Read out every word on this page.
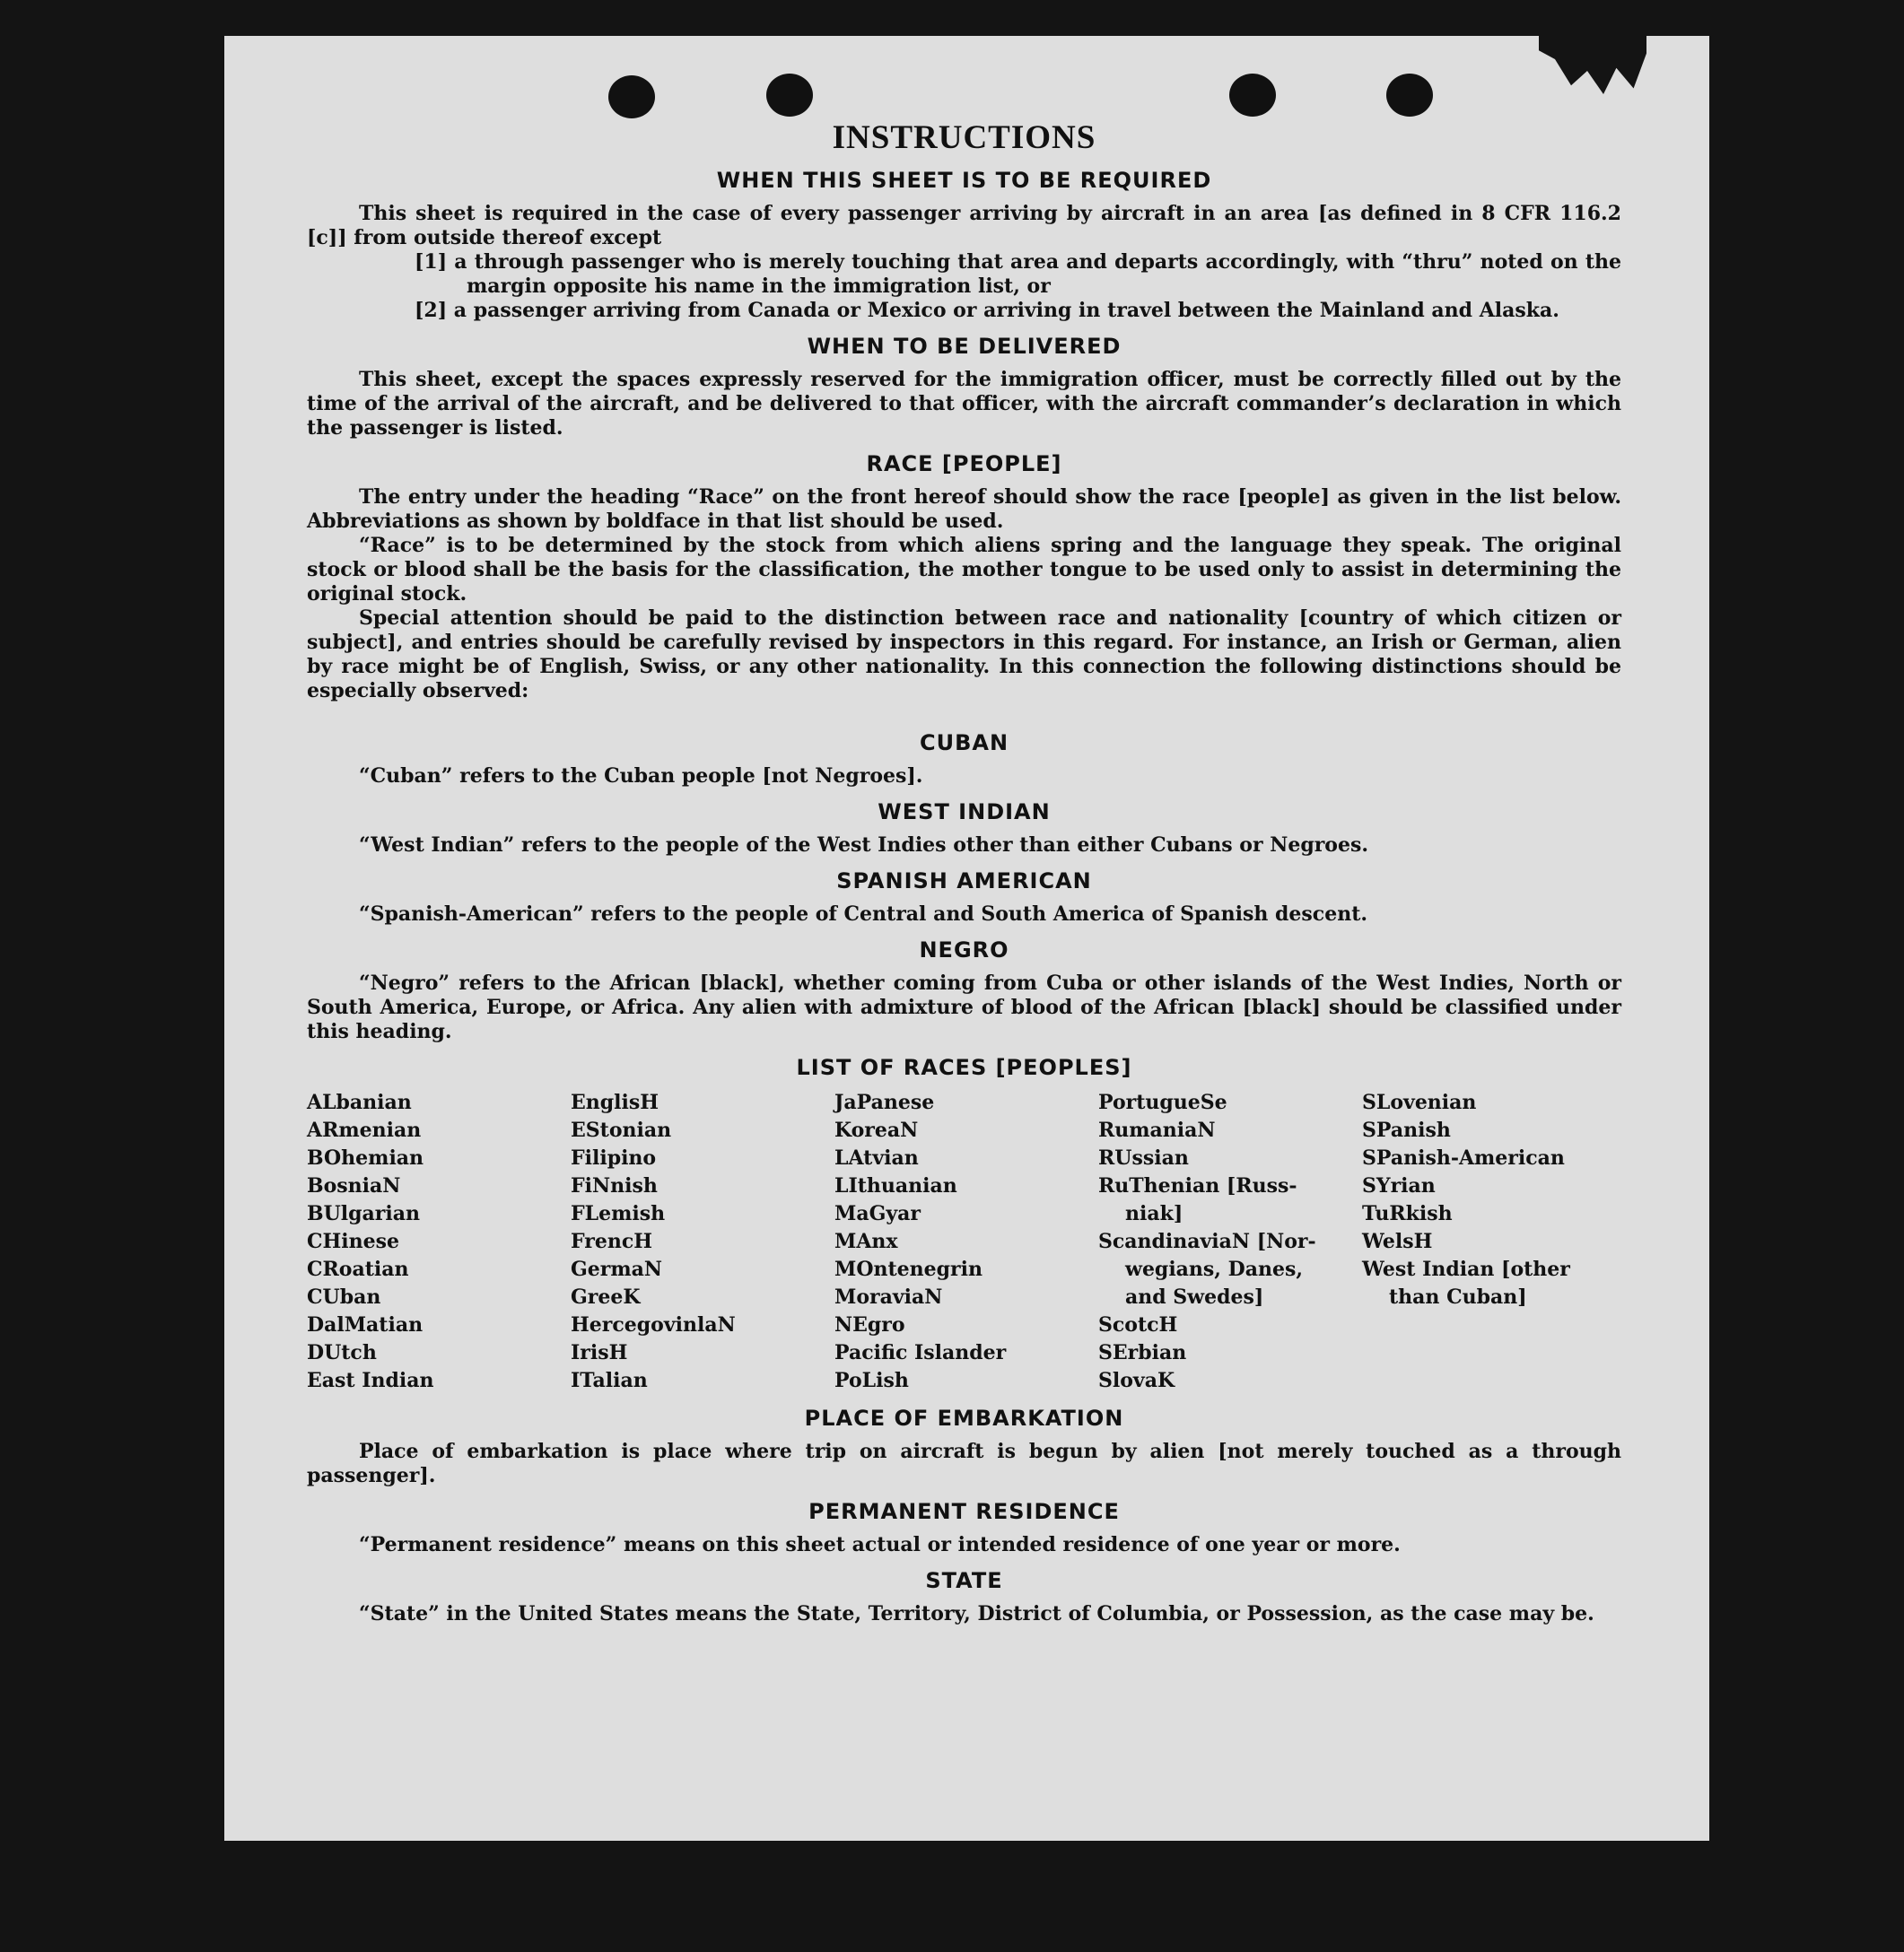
INSTRUCTIONS
WHEN THIS SHEET IS TO BE REQUIRED

This sheet is required in the case of every passenger arriving by aircraft in an area [as defined in 8 CFR 116.2 [c]] from outside thereof except

[1] a through passenger who is merely touching that area and departs accordingly, with “thru” noted on the margin opposite his name in the immigration list, or

[2] a passenger arriving from Canada or Mexico or arriving in travel between the Mainland and Alaska.

WHEN TO BE DELIVERED

This sheet, except the spaces expressly reserved for the immigration officer, must be correctly filled out by the time of the arrival of the aircraft, and be delivered to that officer, with the aircraft commander’s declaration in which the passenger is listed.

RACE [PEOPLE]

The entry under the heading “Race” on the front hereof should show the race [people] as given in the list below. Abbreviations as shown by boldface in that list should be used.

“Race” is to be determined by the stock from which aliens spring and the language they speak. The original stock or blood shall be the basis for the classification, the mother tongue to be used only to assist in determining the original stock.

Special attention should be paid to the distinction between race and nationality [country of which citizen or subject], and entries should be carefully revised by inspectors in this regard. For instance, an Irish or German, alien by race might be of English, Swiss, or any other nationality. In this connection the following distinctions should be especially observed:

CUBAN

“Cuban” refers to the Cuban people [not Negroes].

WEST INDIAN

“West Indian” refers to the people of the West Indies other than either Cubans or Negroes.

SPANISH AMERICAN

“Spanish-American” refers to the people of Central and South America of Spanish descent.

NEGRO

“Negro” refers to the African [black], whether coming from Cuba or other islands of the West Indies, North or South America, Europe, or Africa. Any alien with admixture of blood of the African [black] should be classified under this heading.

LIST OF RACES [PEOPLES]
ALbanian
ARmenian
BOhemian
BosniaN
BUlgarian
CHinese
CRoatian
CUban
DalMatian
DUtch
East Indian
EnglisH
EStonian
Filipino
FiNnish
FLemish
FrencH
GermaN
GreeK
HercegovinlaN
IrisH
ITalian
JaPanese
KoreaN
LAtvian
LIthuanian
MaGyar
MAnx
MOntenegrin
MoraviaN
NEgro
Pacific Islander
PoLish
PortugueSe
RumaniaN
RUssian
RuThenian [Russ-
niak]
ScandinaviaN [Nor-
wegians, Danes,
and Swedes]
ScotcH
SErbian
SlovaK
SLovenian
SPanish
SPanish-American
SYrian
TuRkish
WelsH
West Indian [other
than Cuban]
PLACE OF EMBARKATION

Place of embarkation is place where trip on aircraft is begun by alien [not merely touched as a through passenger].

PERMANENT RESIDENCE

“Permanent residence” means on this sheet actual or intended residence of one year or more.

STATE

“State” in the United States means the State, Territory, District of Columbia, or Possession, as the case may be.
